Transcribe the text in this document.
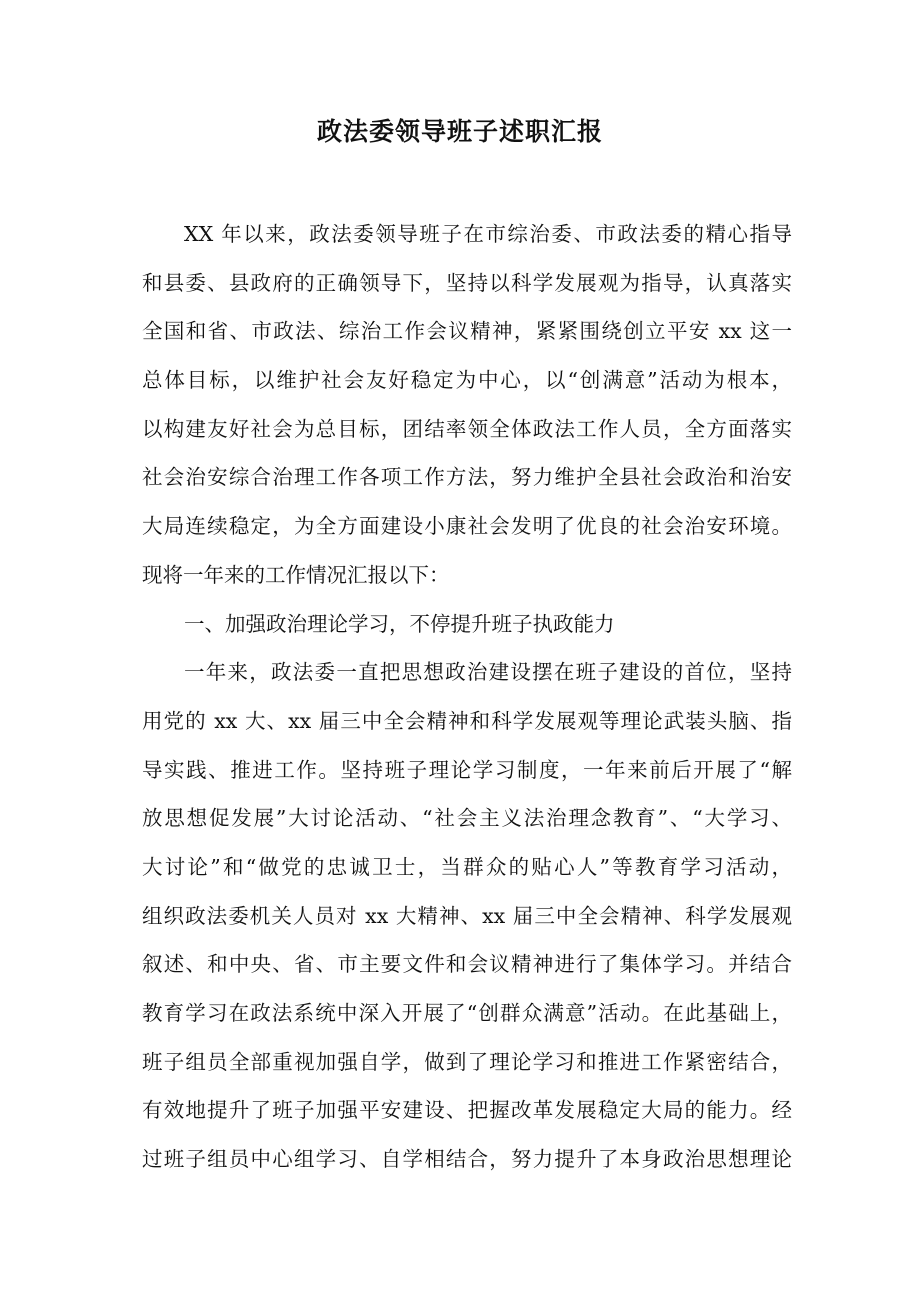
政法委领导班子述职汇报
XX 年以来，政法委领导班子在市综治委、市政法委的精心指导
和县委、县政府的正确领导下，坚持以科学发展观为指导，认真落实
全国和省、市政法、综治工作会议精神，紧紧围绕创立平安 xx 这一
总体目标，以维护社会友好稳定为中心，以“创满意”活动为根本，
以构建友好社会为总目标，团结率领全体政法工作人员，全方面落实
社会治安综合治理工作各项工作方法，努力维护全县社会政治和治安
大局连续稳定，为全方面建设小康社会发明了优良的社会治安环境。
现将一年来的工作情况汇报以下：
一、加强政治理论学习，不停提升班子执政能力
一年来，政法委一直把思想政治建设摆在班子建设的首位，坚持
用党的 xx 大、xx 届三中全会精神和科学发展观等理论武装头脑、指
导实践、推进工作。坚持班子理论学习制度，一年来前后开展了“解
放思想促发展”大讨论活动、“社会主义法治理念教育”、“大学习、
大讨论”和“做党的忠诚卫士，当群众的贴心人”等教育学习活动，
组织政法委机关人员对 xx 大精神、xx 届三中全会精神、科学发展观
叙述、和中央、省、市主要文件和会议精神进行了集体学习。并结合
教育学习在政法系统中深入开展了“创群众满意”活动。在此基础上，
班子组员全部重视加强自学，做到了理论学习和推进工作紧密结合，
有效地提升了班子加强平安建设、把握改革发展稳定大局的能力。经
过班子组员中心组学习、自学相结合，努力提升了本身政治思想理论
